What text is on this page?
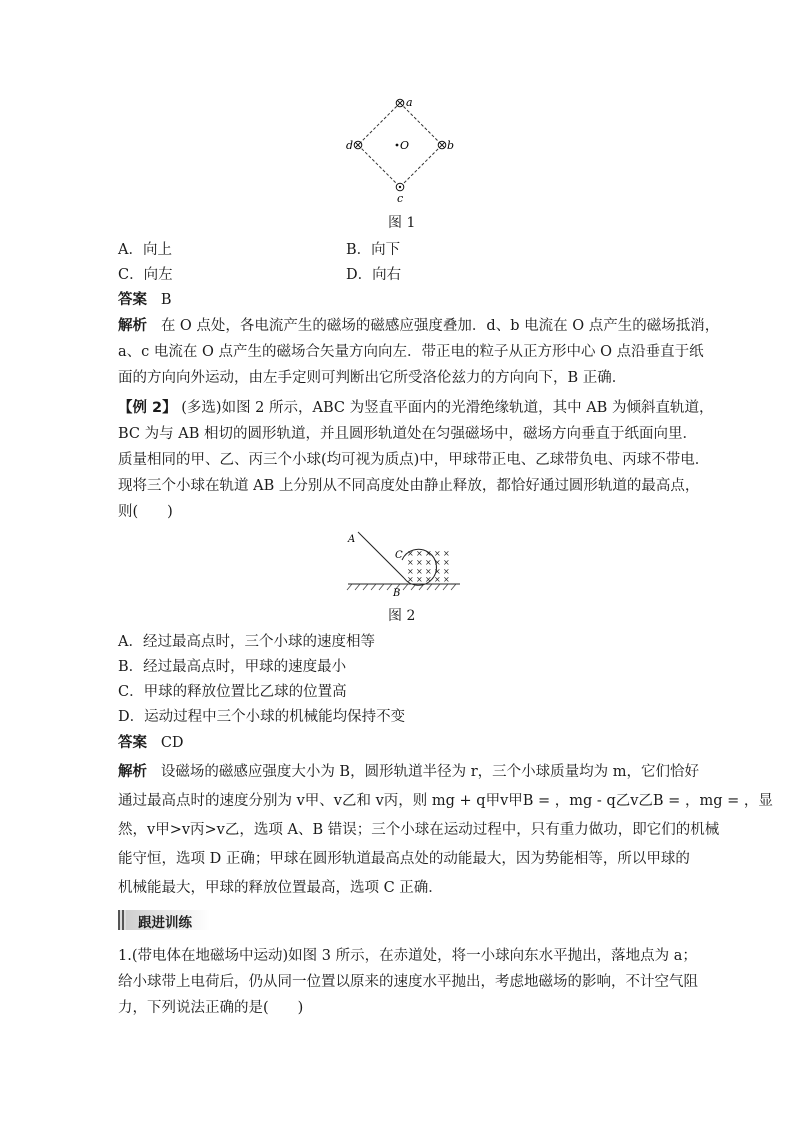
a
b
d
c
O
图 1
A．向上	B．向下
C．向左	D．向右
答案 B
解析 在 O 点处，各电流产生的磁场的磁感应强度叠加．d、b 电流在 O 点产生的磁场抵消，
a、c 电流在 O 点产生的磁场合矢量方向向左．带正电的粒子从正方形中心 O 点沿垂直于纸
面的方向向外运动，由左手定则可判断出它所受洛伦兹力的方向向下，B 正确．
【例 2】 (多选)如图 2 所示，ABC 为竖直平面内的光滑绝缘轨道，其中 AB 为倾斜直轨道，
BC 为与 AB 相切的圆形轨道，并且圆形轨道处在匀强磁场中，磁场方向垂直于纸面向里．
质量相同的甲、乙、丙三个小球(均可视为质点)中，甲球带正电、乙球带负电、丙球不带电．
现将三个小球在轨道 AB 上分别从不同高度处由静止释放，都恰好通过圆形轨道的最高点，
则(　　)
× × × × ×
× × × × ×
× × × × ×
× × × × ×
A
C
B
图 2
A．经过最高点时，三个小球的速度相等
B．经过最高点时，甲球的速度最小
C．甲球的释放位置比乙球的位置高
D．运动过程中三个小球的机械能均保持不变
答案 CD
解析 设磁场的磁感应强度大小为 B，圆形轨道半径为 r，三个小球质量均为 m，它们恰好
通过最高点时的速度分别为 v甲、v乙和 v丙，则 mg + q甲v甲B = ，mg - q乙v乙B = ，mg = ，显
然，v甲>v丙>v乙，选项 A、B 错误；三个小球在运动过程中，只有重力做功，即它们的机械
能守恒，选项 D 正确；甲球在圆形轨道最高点处的动能最大，因为势能相等，所以甲球的
机械能最大，甲球的释放位置最高，选项 C 正确．
跟进训练
1.(带电体在地磁场中运动)如图 3 所示，在赤道处，将一小球向东水平抛出，落地点为 a；
给小球带上电荷后，仍从同一位置以原来的速度水平抛出，考虑地磁场的影响，不计空气阻
力，下列说法正确的是(　　)
